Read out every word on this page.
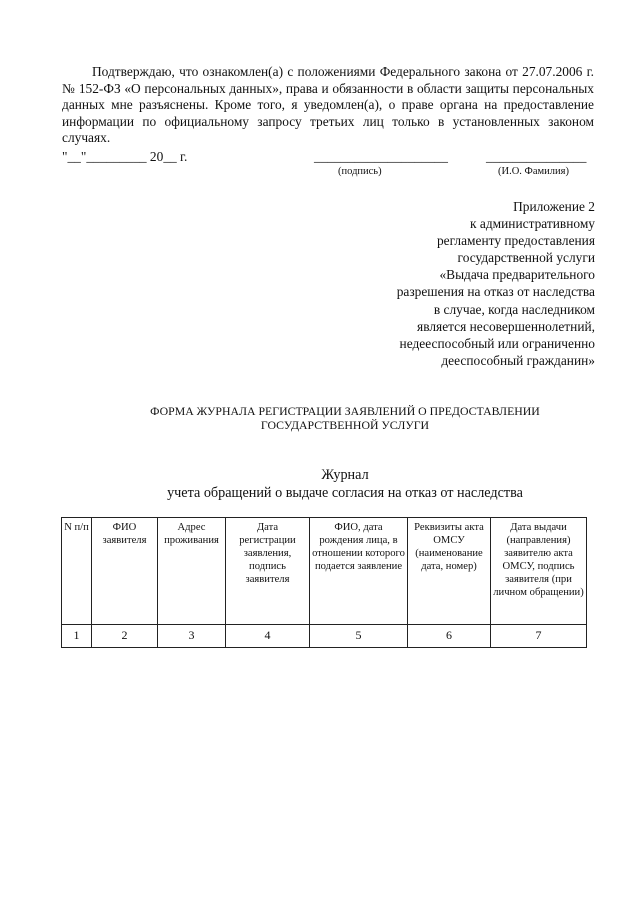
Подтверждаю, что ознакомлен(а) с положениями Федерального закона от 27.07.2006 г. № 152-ФЗ «О персональных данных», права и обязанности в области защиты персональных данных мне разъяснены. Кроме того, я уведомлен(а), о праве органа на предоставление информации по официальному запросу третьих лиц только в установленных законом случаях.

"__"_________ 20__ г.	____________________	_______________
(подпись)	(И.О. Фамилия)
Приложение 2
к административному
регламенту предоставления
государственной услуги
«Выдача предварительного
разрешения на отказ от наследства
в случае, когда наследником
является несовершеннолетний,
недееспособный или ограниченно
дееспособный гражданин»
ФОРМА ЖУРНАЛА РЕГИСТРАЦИИ ЗАЯВЛЕНИЙ О ПРЕДОСТАВЛЕНИИ
ГОСУДАРСТВЕННОЙ УСЛУГИ
Журнал
учета обращений о выдаче согласия на отказ от наследства
N п/п	ФИО заявителя	Адрес проживания	Дата регистрации заявления, подпись заявителя	ФИО, дата рождения лица, в отношении которого подается заявление	Реквизиты акта ОМСУ (наименование дата, номер)	Дата выдачи (направления) заявителю акта ОМСУ, подпись заявителя (при личном обращении)
1	2	3	4	5	6	7
